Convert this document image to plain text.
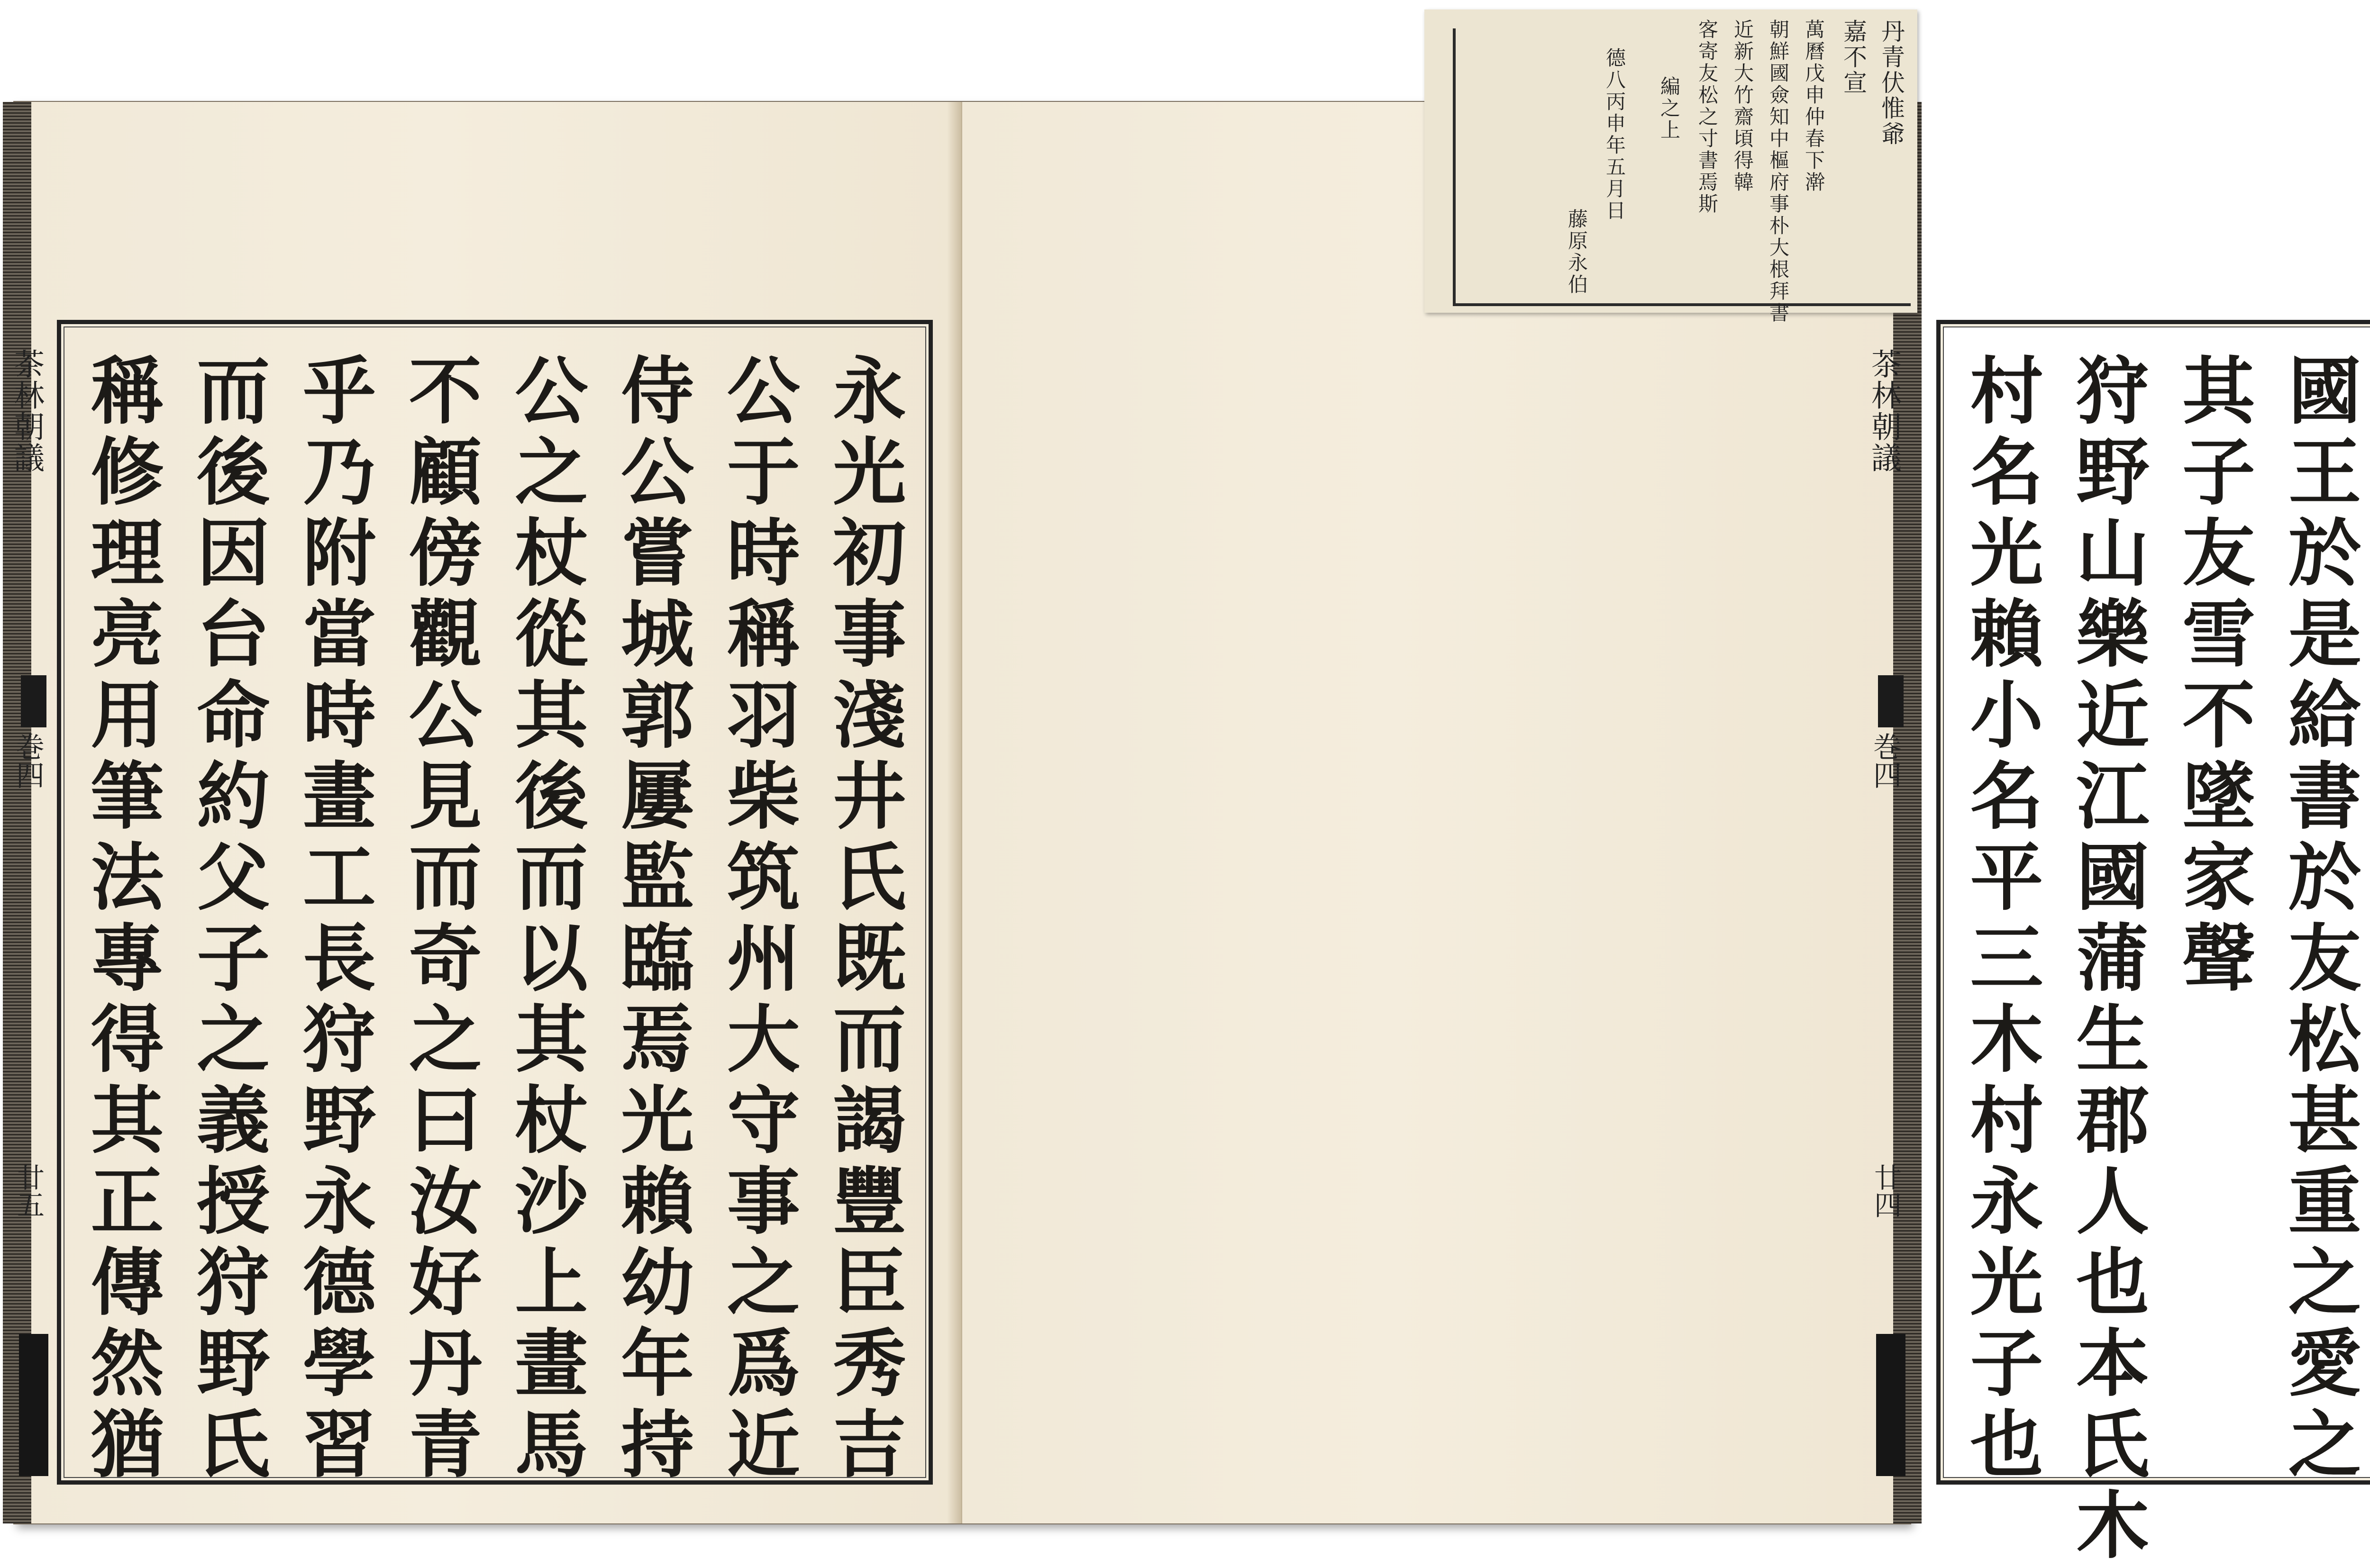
茶林朝議
巻四
廿五	永光初事淺井氏既而謁豐臣秀吉
公于時稱羽柴筑州大守事之爲近
侍公嘗城郭屢監臨焉光賴幼年持
公之杖從其後而以其杖沙上畫馬
不顧傍觀公見而奇之曰汝好丹青
乎乃附當時畫工長狩野永德學習
而後因台命約父子之義授狩野氏
稱修理亮用筆法專得其正傳然猶	茶林朝議
巻四
廿四	國王於是給書於友松甚重之愛之
其子友雪不墜家聲
狩野山樂近江國蒲生郡人也本氏木
村名光賴小名平三木村永光子也
丹青伏惟爺
嘉不宣
萬曆戊申仲春下澣
朝鮮國僉知中樞府事朴大根拜書
近新大竹齋頃得韓
客寄友松之寸書焉斯
編之上
德八丙申年五月日
藤原永伯
